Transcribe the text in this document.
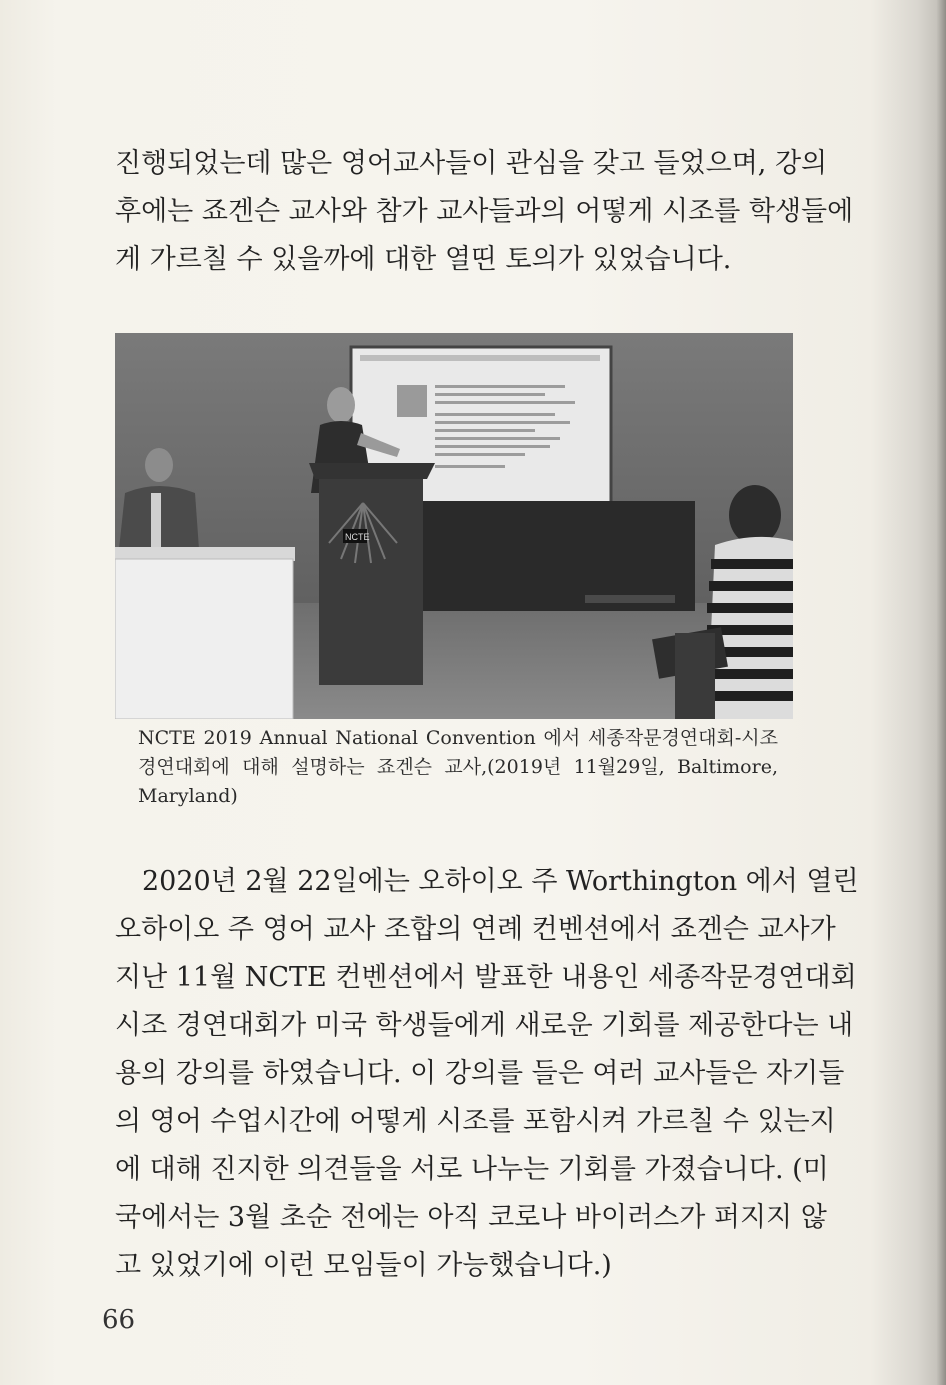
진행되었는데 많은 영어교사들이 관심을 갖고 들었으며, 강의
후에는 죠겐슨 교사와 참가 교사들과의 어떻게 시조를 학생들에
게 가르칠 수 있을까에 대한 열띤 토의가 있었습니다.
NCTE
NCTE 2019 Annual National Convention 에서 세종작문경연대회-시조
경연대회에 대해 설명하는 죠겐슨 교사,(2019년 11월29일, Baltimore,
Maryland)
2020년 2월 22일에는 오하이오 주 Worthington 에서 열린
오하이오 주 영어 교사 조합의 연례 컨벤션에서 죠겐슨 교사가
지난 11월 NCTE 컨벤션에서 발표한 내용인 세종작문경연대회
시조 경연대회가 미국 학생들에게 새로운 기회를 제공한다는 내
용의 강의를 하였습니다. 이 강의를 들은 여러 교사들은 자기들
의 영어 수업시간에 어떻게 시조를 포함시켜 가르칠 수 있는지
에 대해 진지한 의견들을 서로 나누는 기회를 가졌습니다. (미
국에서는 3월 초순 전에는 아직 코로나 바이러스가 퍼지지 않
고 있었기에 이런 모임들이 가능했습니다.)
66
